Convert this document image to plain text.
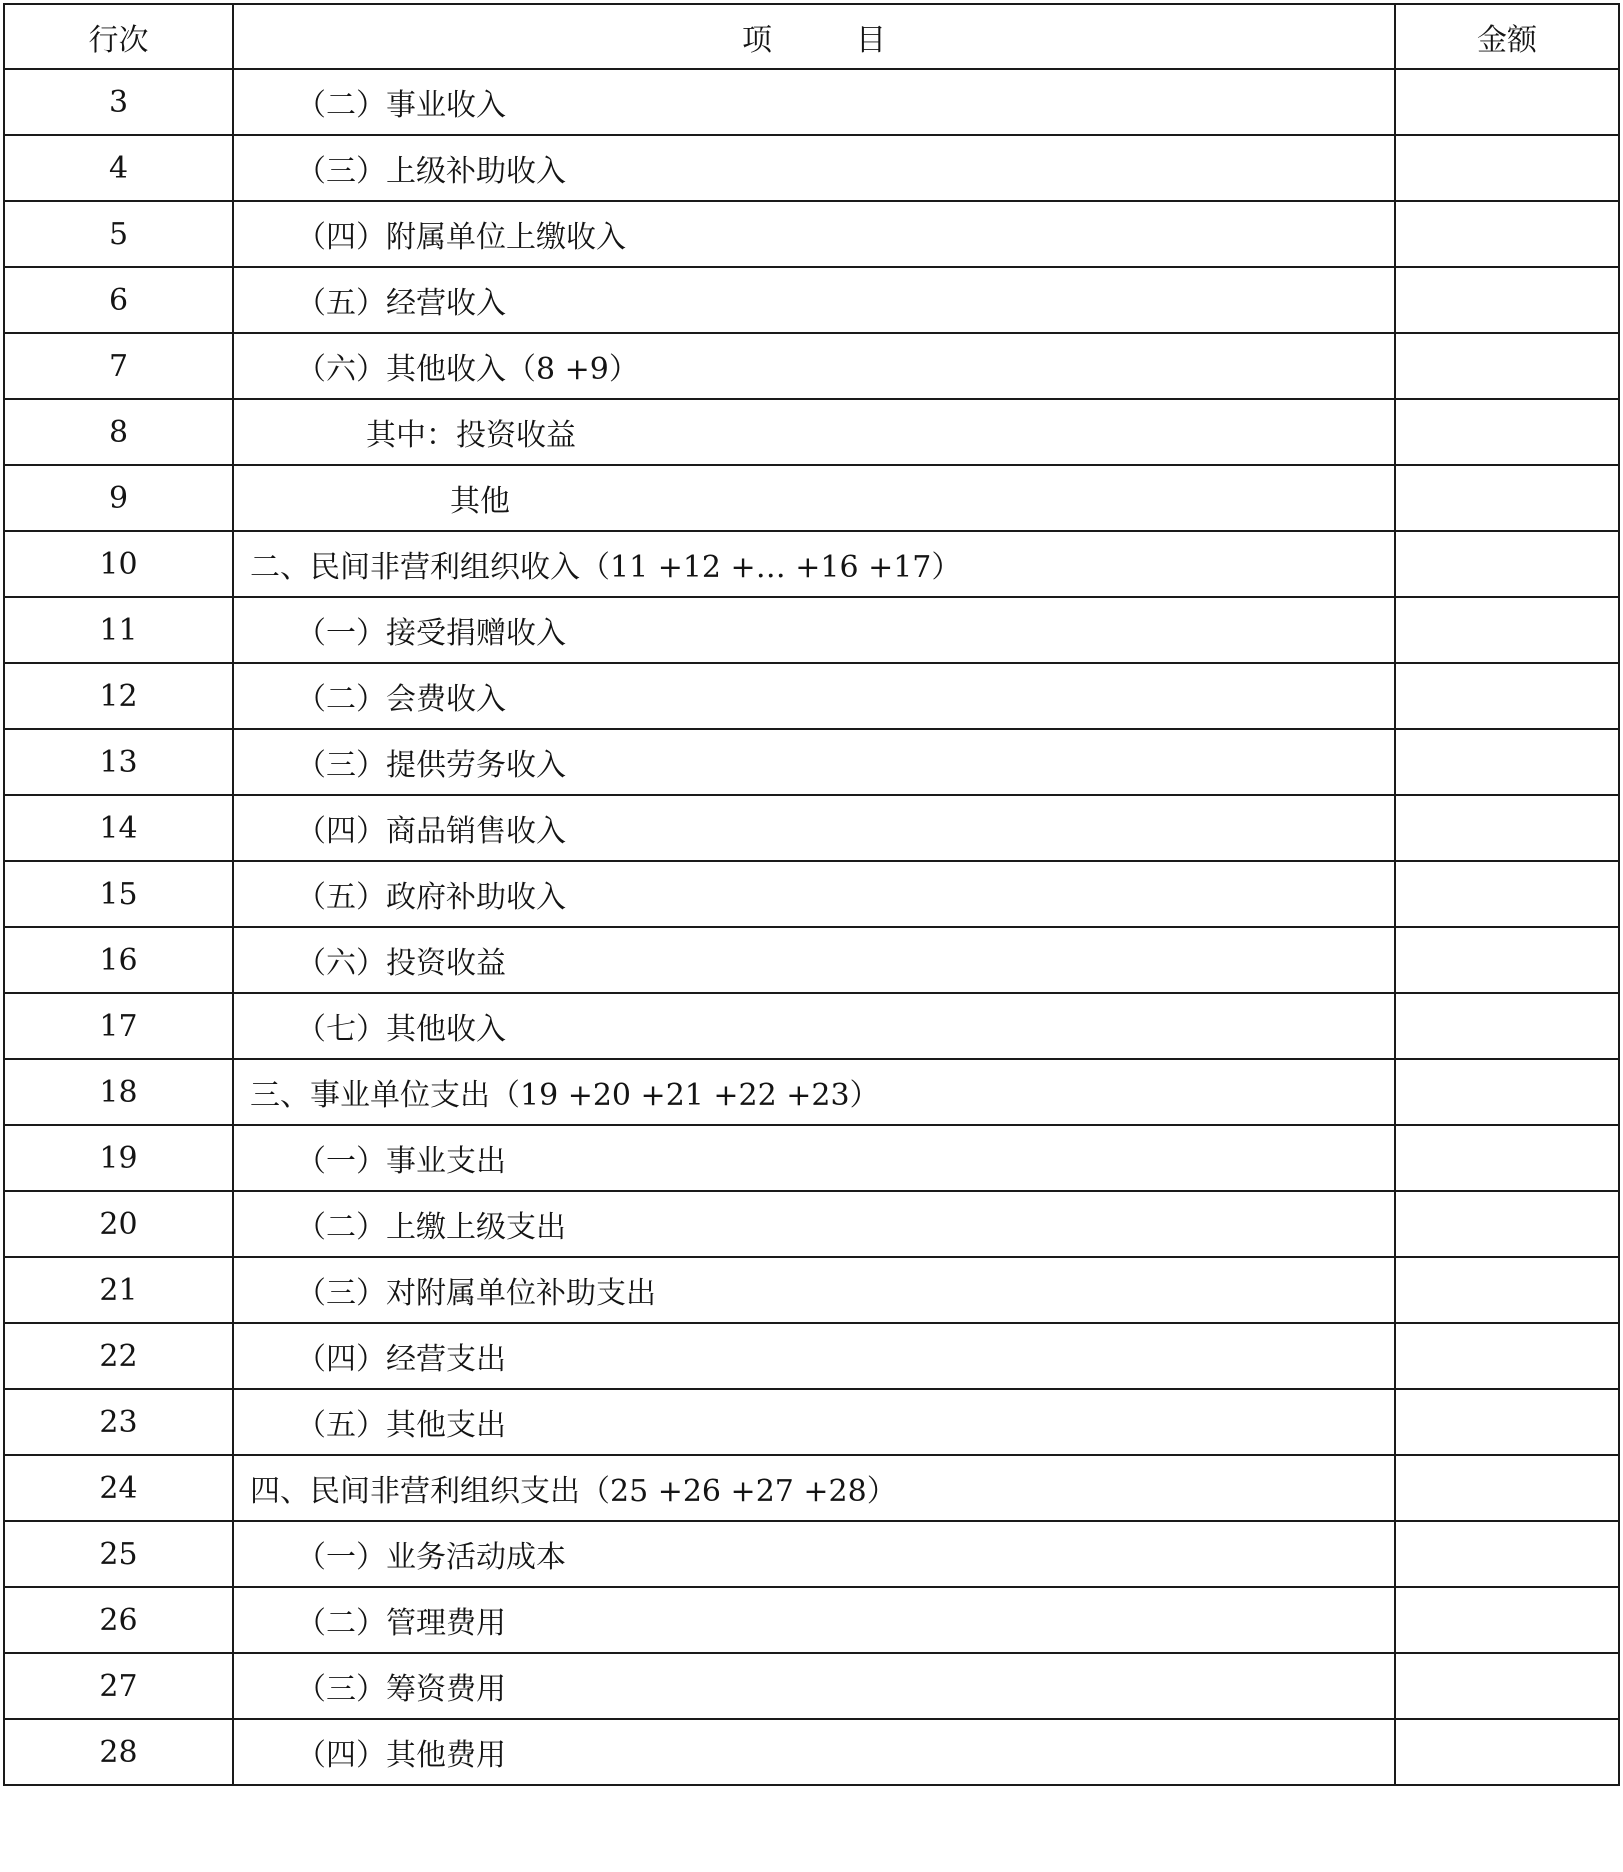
行次	项　目	金额
3	（二）事业收入	
4	（三）上级补助收入	
5	（四）附属单位上缴收入	
6	（五）经营收入	
7	（六）其他收入（8 +9）	
8	其中：投资收益	
9	其他	
10	二、民间非营利组织收入（11 +12 +… +16 +17）	
11	（一）接受捐赠收入	
12	（二）会费收入	
13	（三）提供劳务收入	
14	（四）商品销售收入	
15	（五）政府补助收入	
16	（六）投资收益	
17	（七）其他收入	
18	三、事业单位支出（19 +20 +21 +22 +23）	
19	（一）事业支出	
20	（二）上缴上级支出	
21	（三）对附属单位补助支出	
22	（四）经营支出	
23	（五）其他支出	
24	四、民间非营利组织支出（25 +26 +27 +28）	
25	（一）业务活动成本	
26	（二）管理费用	
27	（三）筹资费用	
28	（四）其他费用	
